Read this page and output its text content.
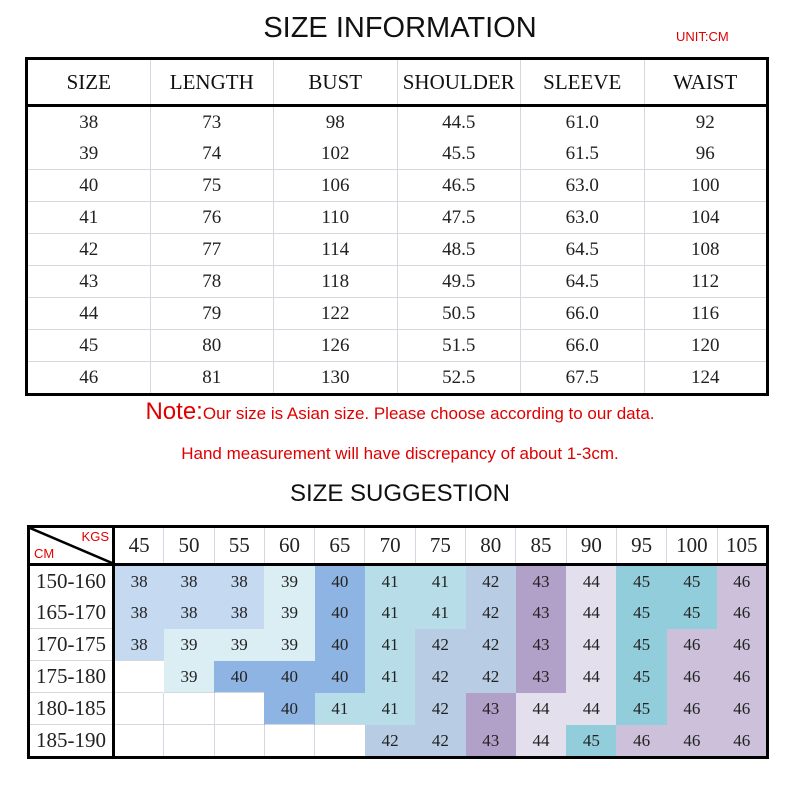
SIZE INFORMATION	UNIT:CM
SIZE	LENGTH	BUST	SHOULDER	SLEEVE	WAIST
38	73	98	44.5	61.0	92
39	74	102	45.5	61.5	96
40	75	106	46.5	63.0	100
41	76	110	47.5	63.0	104
42	77	114	48.5	64.5	108
43	78	118	49.5	64.5	112
44	79	122	50.5	66.0	116
45	80	126	51.5	66.0	120
46	81	130	52.5	67.5	124
Note:Our size is Asian size. Please choose according to our data.
Hand measurement will have discrepancy of about 1-3cm.
SIZE SUGGESTION
KGS
CM	45	50	55	60	65	70	75	80	85	90	95	100	105
150-160	38	38	38	39	40	41	41	42	43	44	45	45	46
165-170	38	38	38	39	40	41	41	42	43	44	45	45	46
170-175	38	39	39	39	40	41	42	42	43	44	45	46	46
175-180		39	40	40	40	41	42	42	43	44	45	46	46
180-185				40	41	41	42	43	44	44	45	46	46
185-190						42	42	43	44	45	46	46	46
